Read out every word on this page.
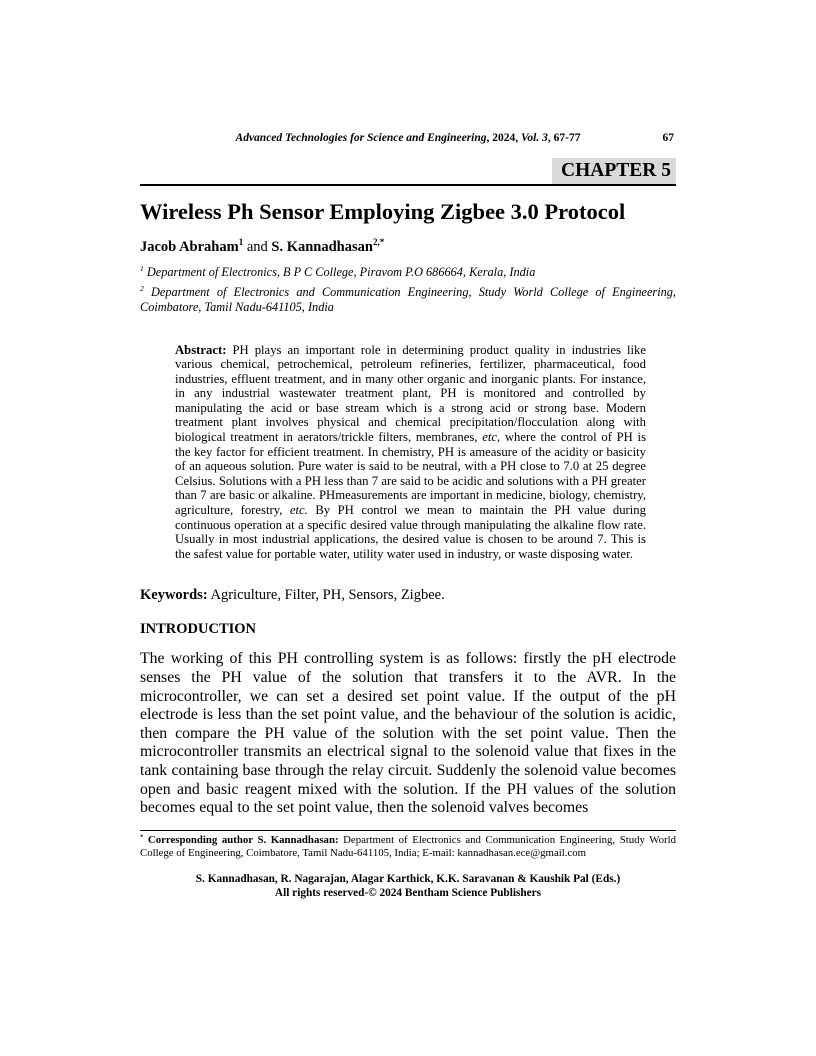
Advanced Technologies for Science and Engineering, 2024, Vol. 3, 67-77	67
CHAPTER 5
Wireless Ph Sensor Employing Zigbee 3.0 Protocol
Jacob Abraham$^1$ and S. Kannadhasan$^{2,*}$

$^1$ Department of Electronics, B P C College, Piravom P.O 686664, Kerala, India

$^2$ Department of Electronics and Communication Engineering, Study World College of Engineering, Coimbatore, Tamil Nadu-641105, India

Abstract: PH plays an important role in determining product quality in industries like various chemical, petrochemical, petroleum refineries, fertilizer, pharmaceutical, food industries, effluent treatment, and in many other organic and inorganic plants. For instance, in any industrial wastewater treatment plant, PH is monitored and controlled by manipulating the acid or base stream which is a strong acid or strong base. Modern treatment plant involves physical and chemical precipitation/flocculation along with biological treatment in aerators/trickle filters, membranes, etc, where the control of PH is the key factor for efficient treatment. In chemistry, PH is ameasure of the acidity or basicity of an aqueous solution. Pure water is said to be neutral, with a PH close to 7.0 at 25 degree Celsius. Solutions with a PH less than 7 are said to be acidic and solutions with a PH greater than 7 are basic or alkaline. PHmeasurements are important in medicine, biology, chemistry, agriculture, forestry, etc. By PH control we mean to maintain the PH value during continuous operation at a specific desired value through manipulating the alkaline flow rate. Usually in most industrial applications, the desired value is chosen to be around 7. This is the safest value for portable water, utility water used in industry, or waste disposing water.

Keywords: Agriculture, Filter, PH, Sensors, Zigbee.

INTRODUCTION

The working of this PH controlling system is as follows: firstly the pH electrode senses the PH value of the solution that transfers it to the AVR. In the microcontroller, we can set a desired set point value. If the output of the pH electrode is less than the set point value, and the behaviour of the solution is acidic, then compare the PH value of the solution with the set point value. Then the microcontroller transmits an electrical signal to the solenoid value that fixes in the tank containing base through the relay circuit. Suddenly the solenoid value becomes open and basic reagent mixed with the solution. If the PH values of the solution becomes equal to the set point value, then the solenoid valves becomes

* Corresponding author S. Kannadhasan: Department of Electronics and Communication Engineering, Study World College of Engineering, Coimbatore, Tamil Nadu-641105, India; E-mail: kannadhasan.ece@gmail.com
S. Kannadhasan, R. Nagarajan, Alagar Karthick, K.K. Saravanan & Kaushik Pal (Eds.)
All rights reserved-© 2024 Bentham Science Publishers
